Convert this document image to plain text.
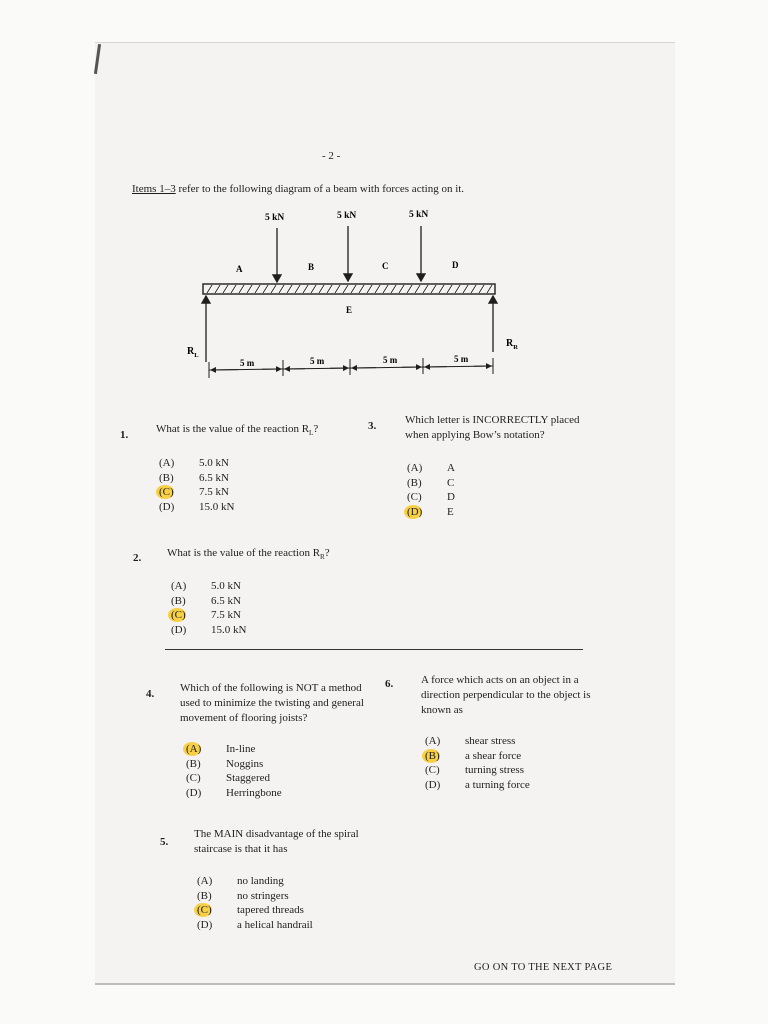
- 2 -
Items 1–3 refer to the following diagram of a beam with forces acting on it.
5 kN	5 kN	5 kN
A	B	C	D
E
$R_L$
$R_R$
5 m	5 m	5 m	5 m
1.	What is the value of the reaction $R_L$?
(A)	5.0 kN
(B)	6.5 kN
(C)	7.5 kN
(D)	15.0 kN
2. What is the value of the reaction $R_R$?
(A)	5.0 kN
(B)	6.5 kN
(C)	7.5 kN
(D)	15.0 kN
3.	Which letter is INCORRECTLY placed
when applying Bow’s notation?
(A)	A
(B)	C
(C)	D
(D)	E
4. Which of the following is NOT a method
used to minimize the twisting and general
movement of flooring joists?
(A)	In-line
(B)	Noggins
(C)	Staggered
(D)	Herringbone
5.
The MAIN disadvantage of the spiral
staircase is that it has
(A)	no landing
(B)	no stringers
(C)	tapered threads
(D)	a helical handrail
6.	A force which acts on an object in a
direction perpendicular to the object is
known as
(A)	shear stress
(B)	a shear force
(C)	turning stress
(D)	a turning force
GO ON TO THE NEXT PAGE
